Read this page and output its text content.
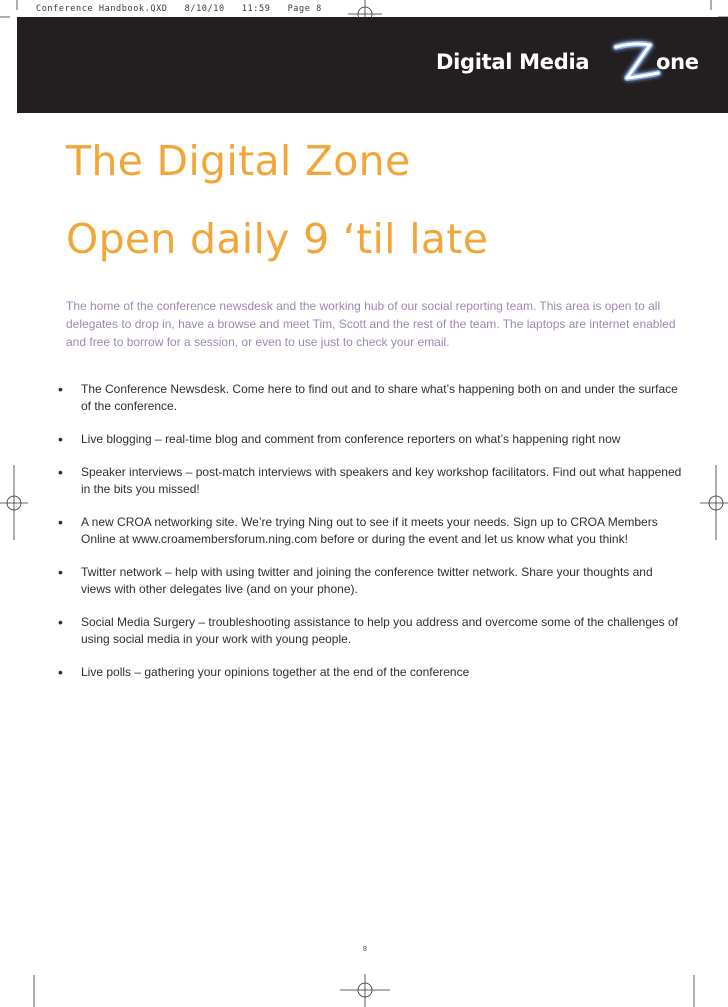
Conference Handbook.QXD   8/10/10   11:59   Page 8
Digital Media	one
The Digital Zone
Open daily 9 ‘til late

The home of the conference newsdesk and the working hub of our social reporting team. This area is open to all delegates to drop in, have a browse and meet Tim, Scott and the rest of the team. The laptops are internet enabled and free to borrow for a session, or even to use just to check your email.

• The Conference Newsdesk. Come here to find out and to share what’s happening both on and under the surface of the conference.
• Live blogging – real-time blog and comment from conference reporters on what’s happening right now
• Speaker interviews – post-match interviews with speakers and key workshop facilitators. Find out what happened in the bits you missed!
• A new CROA networking site. We’re trying Ning out to see if it meets your needs. Sign up to CROA Members Online at www.croamembersforum.ning.com before or during the event and let us know what you think!
• Twitter network – help with using twitter and joining the conference twitter network. Share your thoughts and views with other delegates live (and on your phone).
• Social Media Surgery – troubleshooting assistance to help you address and overcome some of the challenges of using social media in your work with young people.
• Live polls – gathering your opinions together at the end of the conference
8
